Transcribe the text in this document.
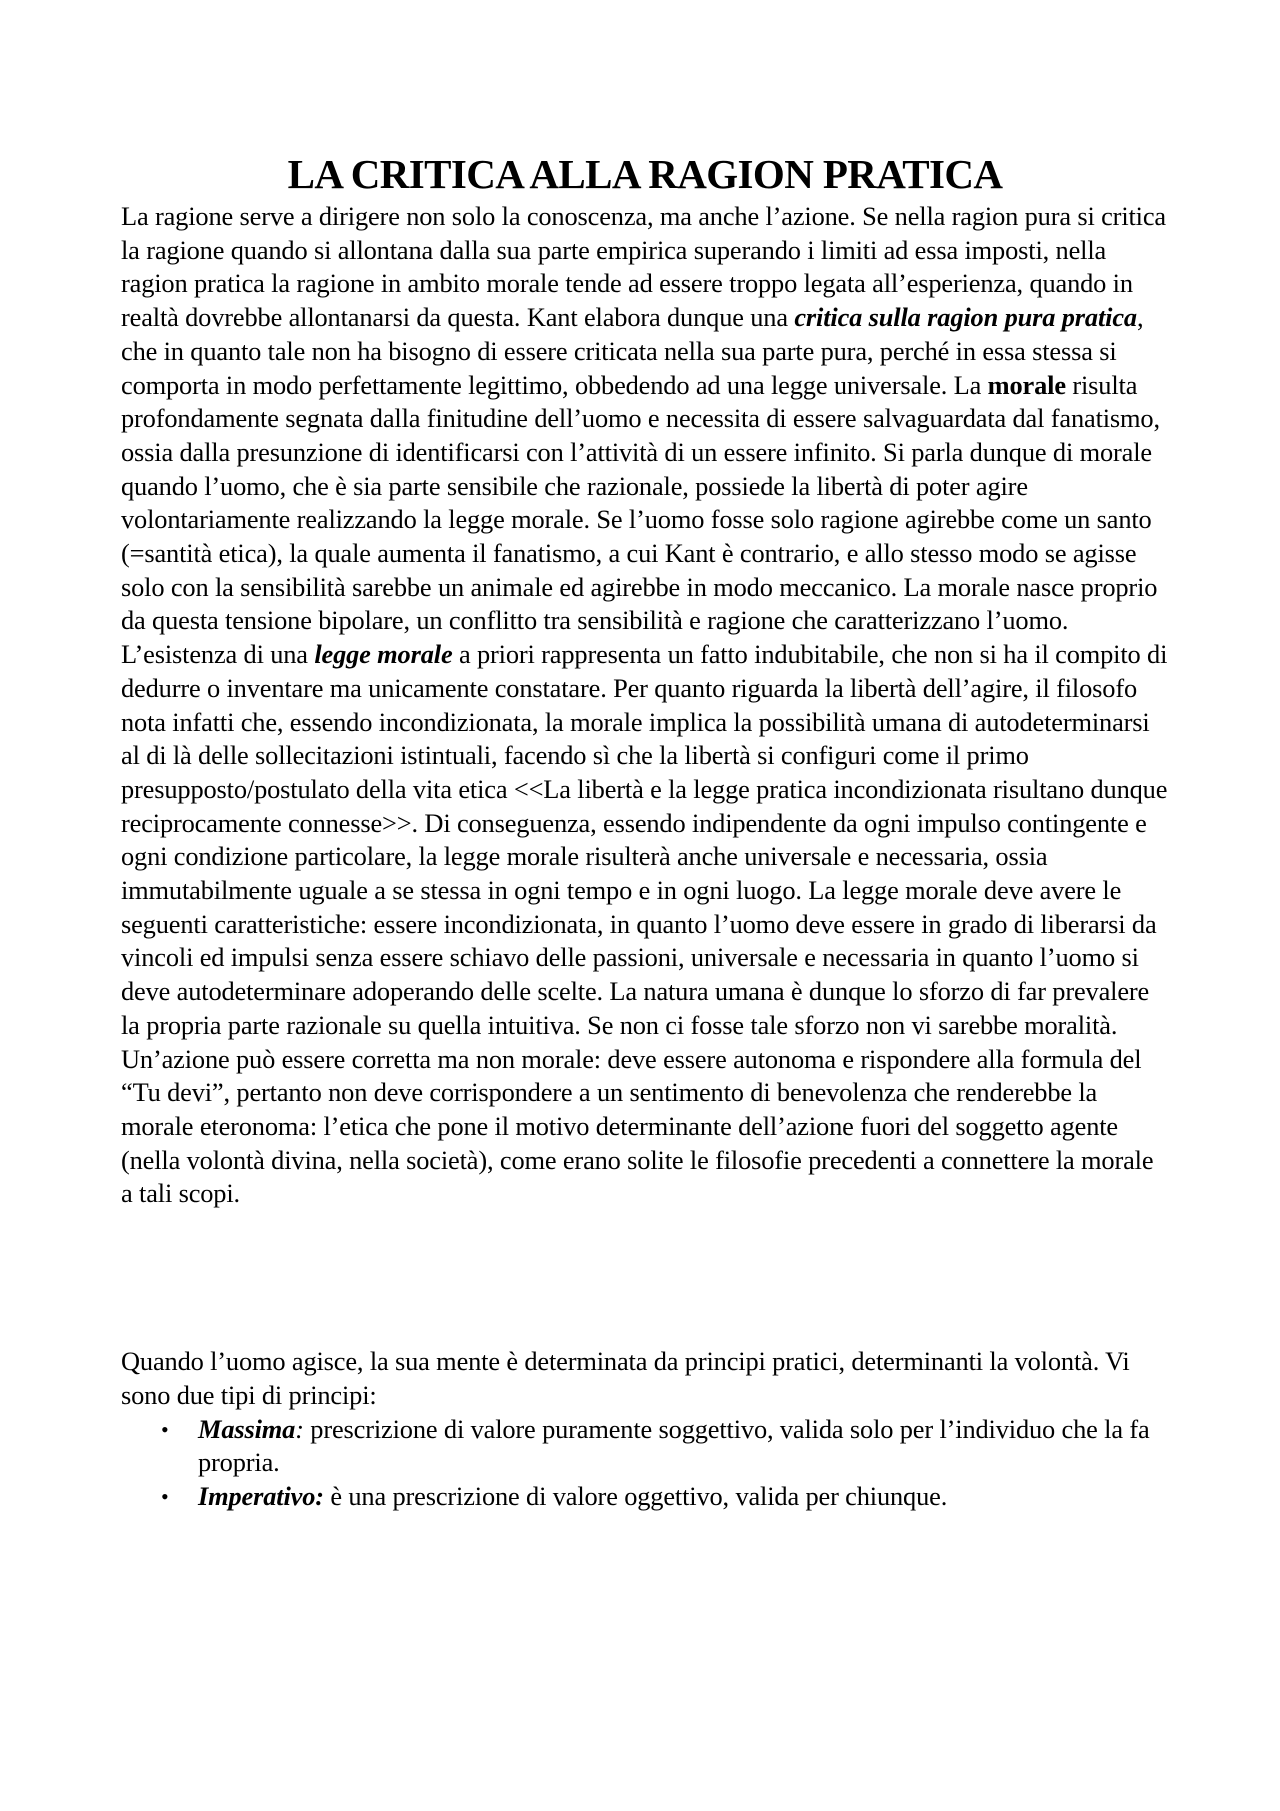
LA CRITICA ALLA RAGION PRATICA

La ragione serve a dirigere non solo la conoscenza, ma anche l’azione. Se nella ragion pura si critica la ragione quando si allontana dalla sua parte empirica superando i limiti ad essa imposti, nella ragion pratica la ragione in ambito morale tende ad essere troppo legata all’esperienza, quando in realtà dovrebbe allontanarsi da questa. Kant elabora dunque una critica sulla ragion pura pratica, che in quanto tale non ha bisogno di essere criticata nella sua parte pura, perché in essa stessa si comporta in modo perfettamente legittimo, obbedendo ad una legge universale. La morale risulta profondamente segnata dalla finitudine dell’uomo e necessita di essere salvaguardata dal fanatismo, ossia dalla presunzione di identificarsi con l’attività di un essere infinito. Si parla dunque di morale quando l’uomo, che è sia parte sensibile che razionale, possiede la libertà di poter agire volontariamente realizzando la legge morale. Se l’uomo fosse solo ragione agirebbe come un santo (=santità etica), la quale aumenta il fanatismo, a cui Kant è contrario, e allo stesso modo se agisse solo con la sensibilità sarebbe un animale ed agirebbe in modo meccanico. La morale nasce proprio da questa tensione bipolare, un conflitto tra sensibilità e ragione che caratterizzano l’uomo. L’esistenza di una legge morale a priori rappresenta un fatto indubitabile, che non si ha il compito di dedurre o inventare ma unicamente constatare. Per quanto riguarda la libertà dell’agire, il filosofo nota infatti che, essendo incondizionata, la morale implica la possibilità umana di autodeterminarsi al di là delle sollecitazioni istintuali, facendo sì che la libertà si configuri come il primo presupposto/postulato della vita etica <<La libertà e la legge pratica incondizionata risultano dunque reciprocamente connesse>>. Di conseguenza, essendo indipendente da ogni impulso contingente e ogni condizione particolare, la legge morale risulterà anche universale e necessaria, ossia immutabilmente uguale a se stessa in ogni tempo e in ogni luogo. La legge morale deve avere le seguenti caratteristiche: essere incondizionata, in quanto l’uomo deve essere in grado di liberarsi da vincoli ed impulsi senza essere schiavo delle passioni, universale e necessaria in quanto l’uomo si deve autodeterminare adoperando delle scelte. La natura umana è dunque lo sforzo di far prevalere la propria parte razionale su quella intuitiva. Se non ci fosse tale sforzo non vi sarebbe moralità. Un’azione può essere corretta ma non morale: deve essere autonoma e rispondere alla formula del “Tu devi”, pertanto non deve corrispondere a un sentimento di benevolenza che renderebbe la morale eteronoma: l’etica che pone il motivo determinante dell’azione fuori del soggetto agente (nella volontà divina, nella società), come erano solite le filosofie precedenti a connettere la morale a tali scopi.

Quando l’uomo agisce, la sua mente è determinata da principi pratici, determinanti la volontà. Vi sono due tipi di principi:

• Massima: prescrizione di valore puramente soggettivo, valida solo per l’individuo che la fa propria.
• Imperativo: è una prescrizione di valore oggettivo, valida per chiunque.
